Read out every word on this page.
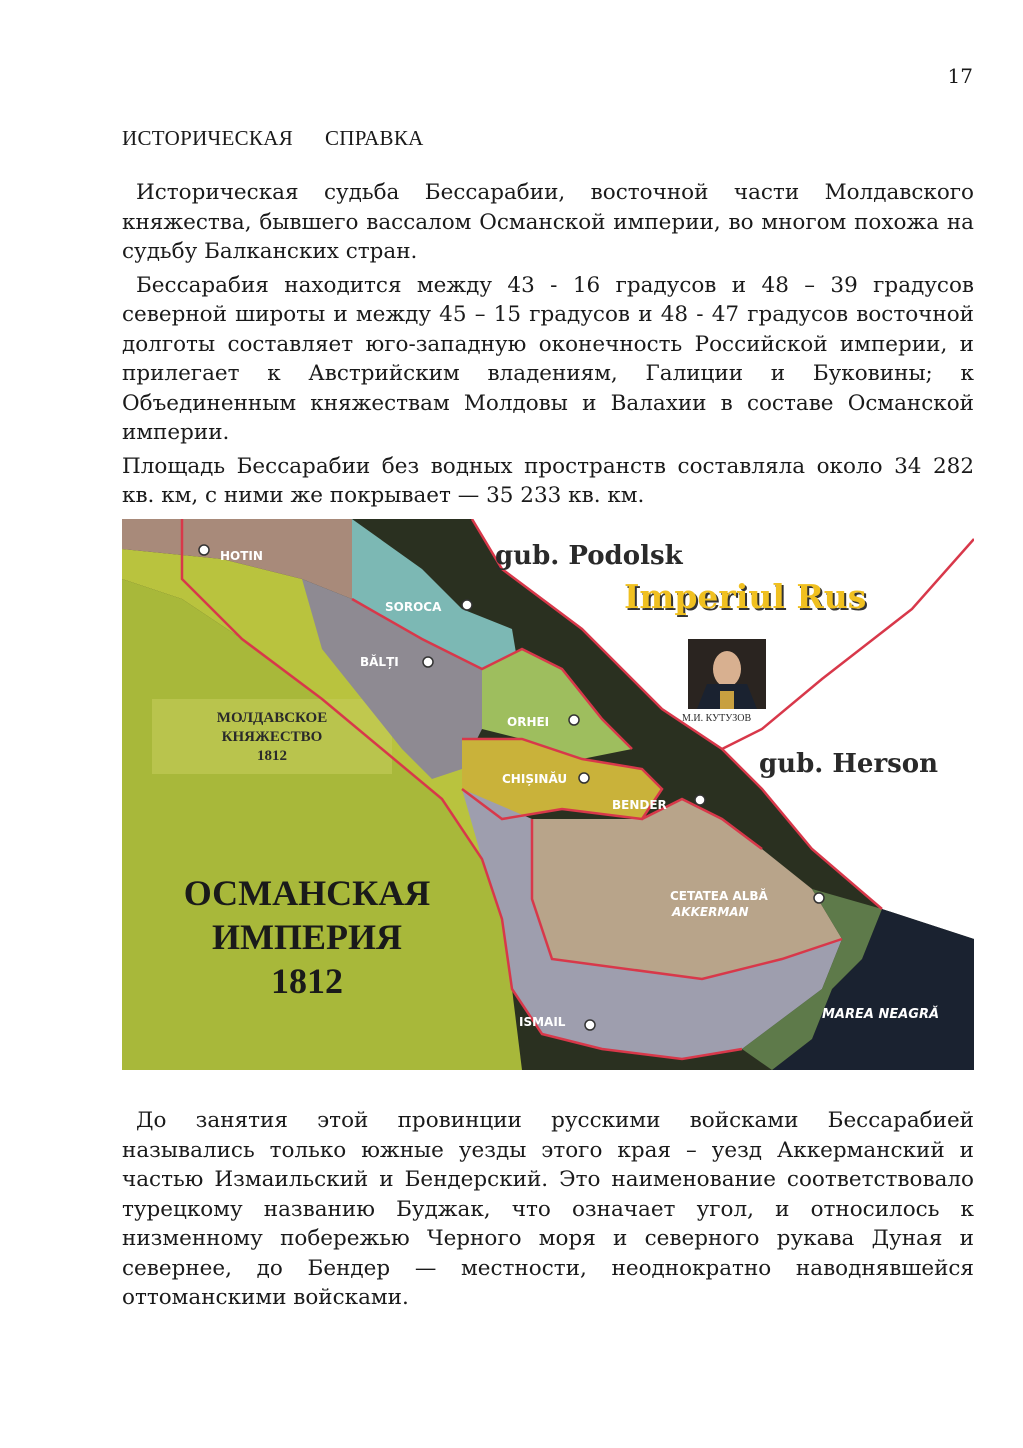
17
ИСТОРИЧЕСКАЯ СПРАВКА

Историческая судьба Бессарабии, восточной части Молдавского княжества, бывшего вассалом Османской империи, во многом похожа на судьбу Балканских стран.

Бессарабия находится между 43 - 16 градусов и 48 – 39 градусов северной широты и между 45 – 15 градусов и 48 - 47 градусов восточной долготы составляет юго-западную оконечность Российской империи, и прилегает к Австрийским владениям, Галиции и Буковины; к Объединенным княжествам Молдовы и Валахии в составе Османской империи.

Площадь Бессарабии без водных пространств составляла около 34 282 кв. км, с ними же покрывает — 35 233 кв. км.

HOTIN
SOROCA
BĂLȚI
ORHEI
CHIȘINĂU
BENDER
CETATEA ALBĂ
AKKERMAN
ISMAIL
gub. Podolsk
Imperiul Rus
gub. Herson
М.И. КУТУЗОВ
МОЛДАВСКОЕ
КНЯЖЕСТВО
1812
ОСМАНСКАЯ
ИМПЕРИЯ
1812
MAREA NEAGRĂ

До занятия этой провинции русскими войсками Бессарабией назывались только южные уезды этого края – уезд Аккерманский и частью Измаильский и Бендерский. Это наименование соответствовало турецкому названию Буджак, что означает угол, и относилось к низменному побережью Черного моря и северного рукава Дуная и севернее, до Бендер — местности, неоднократно наводнявшейся оттоманскими войсками.
